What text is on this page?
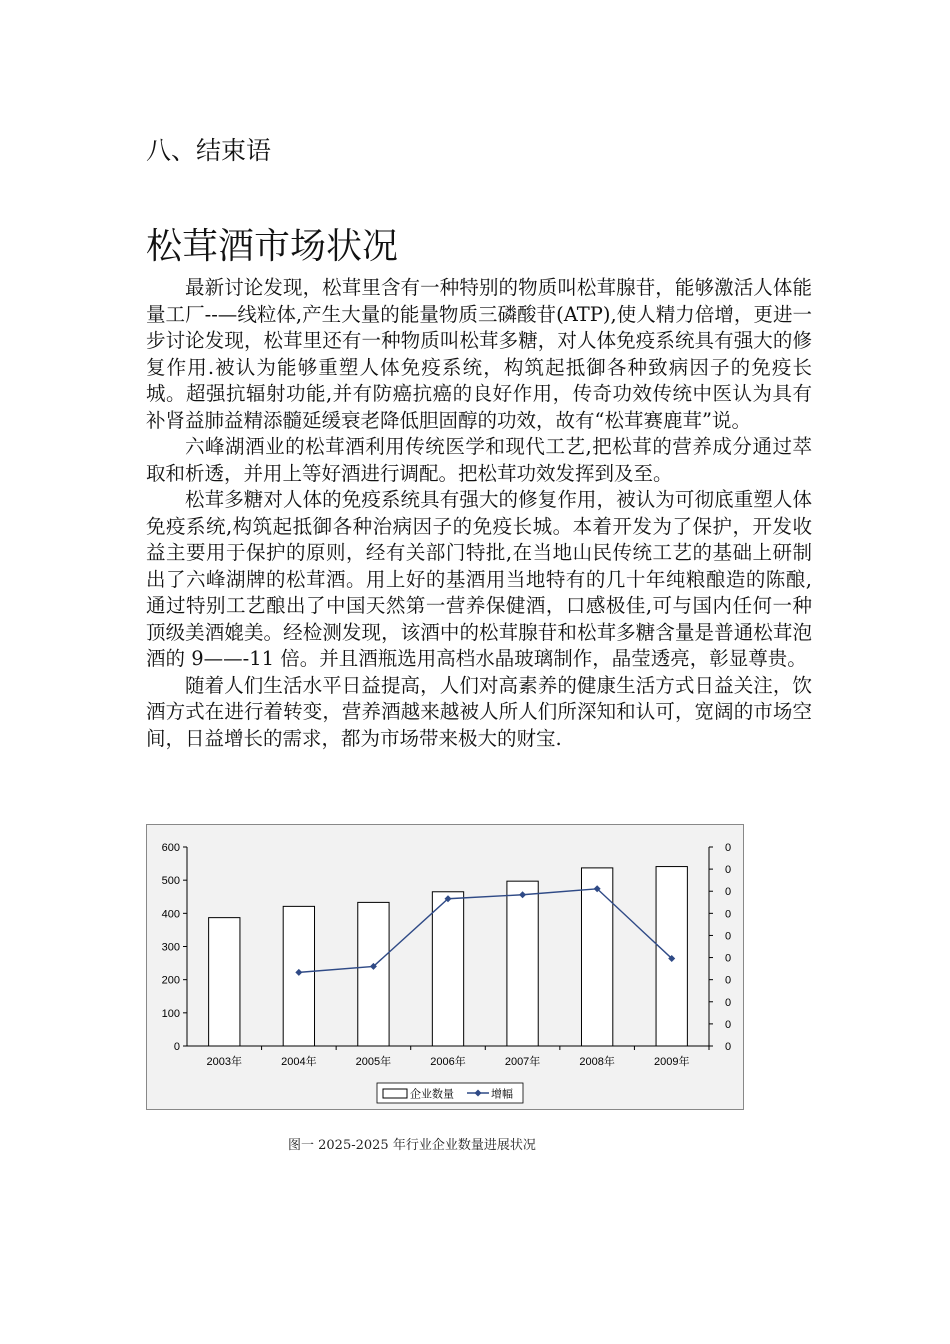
八、结束语
松茸酒市场状况

最新讨论发现，松茸里含有一种特别的物质叫松茸腺苷，能够激活人体能量工厂--—线粒体,产生大量的能量物质三磷酸苷(ATP),使人精力倍增，更进一步讨论发现，松茸里还有一种物质叫松茸多糖，对人体免疫系统具有强大的修复作用.被认为能够重塑人体免疫系统，构筑起抵御各种致病因子的免疫长城。超强抗辐射功能,并有防癌抗癌的良好作用，传奇功效传统中医认为具有补肾益肺益精添髓延缓衰老降低胆固醇的功效，故有“松茸赛鹿茸”说。

六峰湖酒业的松茸酒利用传统医学和现代工艺,把松茸的营养成分通过萃取和析透，并用上等好酒进行调配。把松茸功效发挥到及至。

松茸多糖对人体的免疫系统具有强大的修复作用，被认为可彻底重塑人体免疫系统,构筑起抵御各种治病因子的免疫长城。本着开发为了保护，开发收益主要用于保护的原则，经有关部门特批,在当地山民传统工艺的基础上研制出了六峰湖牌的松茸酒。用上好的基酒用当地特有的几十年纯粮酿造的陈酿,通过特别工艺酿出了中国天然第一营养保健酒，口感极佳,可与国内任何一种顶级美酒媲美。经检测发现，该酒中的松茸腺苷和松茸多糖含量是普通松茸泡酒的 9——-11 倍。并且酒瓶选用高档水晶玻璃制作，晶莹透亮，彰显尊贵。

随着人们生活水平日益提高，人们对高素养的健康生活方式日益关注，饮酒方式在进行着转变，营养酒越来越被人所人们所深知和认可，宽阔的市场空间，日益增长的需求，都为市场带来极大的财宝.

0
100
200
300
400
500
600
0
0
0
0
0
0
0
0
0
0
2003年	2004年	2005年	2006年	2007年	2008年	2009年
企业数量	增幅
图一 2025-2025 年行业企业数量进展状况
